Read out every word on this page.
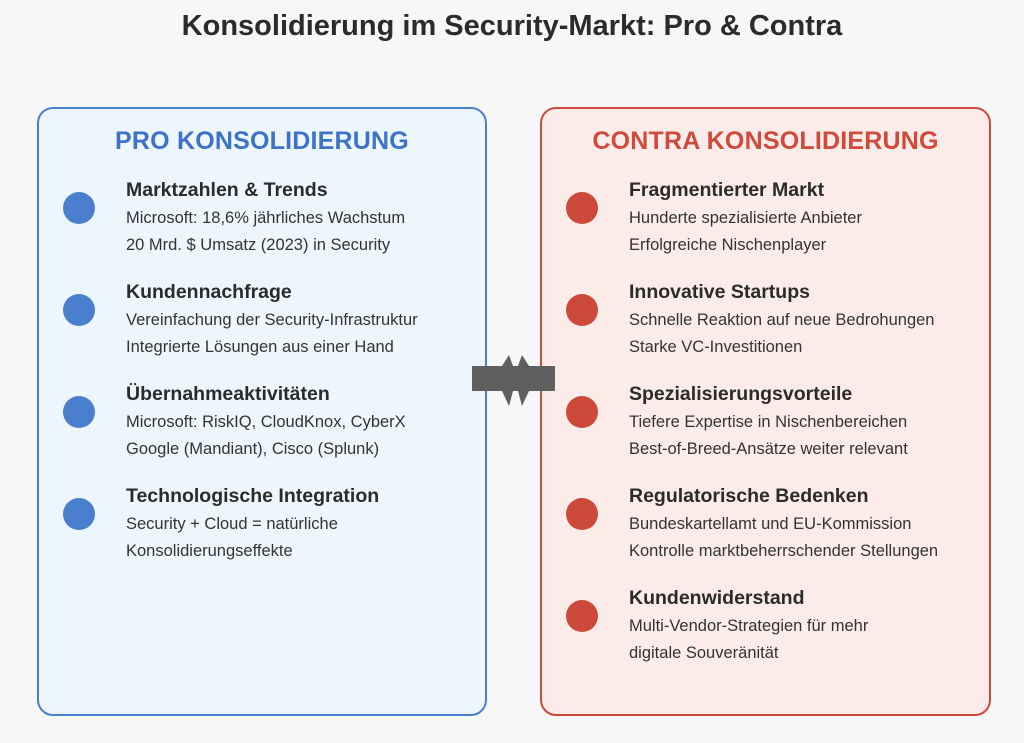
Konsolidierung im Security-Markt: Pro & Contra
PRO KONSOLIDIERUNG
Marktzahlen & Trends
Microsoft: 18,6% jährliches Wachstum
20 Mrd. $ Umsatz (2023) in Security
Kundennachfrage
Vereinfachung der Security-Infrastruktur
Integrierte Lösungen aus einer Hand
Übernahmeaktivitäten
Microsoft: RiskIQ, CloudKnox, CyberX
Google (Mandiant), Cisco (Splunk)
Technologische Integration
Security + Cloud = natürliche
Konsolidierungseffekte
CONTRA KONSOLIDIERUNG
Fragmentierter Markt
Hunderte spezialisierte Anbieter
Erfolgreiche Nischenplayer
Innovative Startups
Schnelle Reaktion auf neue Bedrohungen
Starke VC-Investitionen
Spezialisierungsvorteile
Tiefere Expertise in Nischenbereichen
Best-of-Breed-Ansätze weiter relevant
Regulatorische Bedenken
Bundeskartellamt und EU-Kommission
Kontrolle marktbeherrschender Stellungen
Kundenwiderstand
Multi-Vendor-Strategien für mehr
digitale Souveränität
